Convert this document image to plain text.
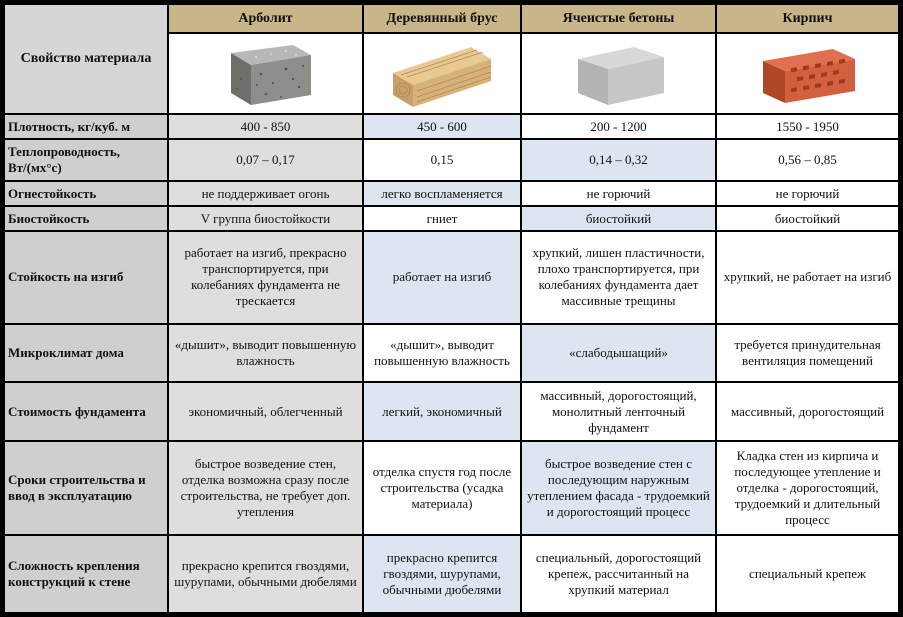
Свойство материала	Арболит	Деревянный брус	Ячеистые бетоны	Кирпич

Плотность, кг/куб. м	400 - 850	450 - 600	200 - 1200	1550 - 1950
Теплопроводность, Вт/(мх°с)	0,07 – 0,17	0,15	0,14 – 0,32	0,56 – 0,85
Огнестойкость	не поддерживает огонь	легко воспламеняется	не горючий	не горючий
Биостойкость	V группа биостойкости	гниет	биостойкий	биостойкий
Стойкость на изгиб	работает на изгиб, прекрасно транспортируется, при колебаниях фундамента не трескается	работает на изгиб	хрупкий, лишен пластичности, плохо транспортируется, при колебаниях фундамента дает массивные трещины	хрупкий, не работает на изгиб
Микроклимат дома	«дышит», выводит повышенную влажность	«дышит», выводит повышенную влажность	«слабодышащий»	требуется принудительная вентиляция помещений
Стоимость фундамента	экономичный, облегченный	легкий, экономичный	массивный, дорогостоящий, монолитный ленточный фундамент	массивный, дорогостоящий
Сроки строительства и ввод в эксплуатацию	быстрое возведение стен, отделка возможна сразу после строительства, не требует доп. утепления	отделка спустя год после строительства (усадка материала)	быстрое возведение стен с последующим наружным утеплением фасада - трудоемкий и дорогостоящий процесс	Кладка стен из кирпича и последующее утепление и отделка - дорогостоящий, трудоемкий и длительный процесс
Сложность крепления конструкций к стене	прекрасно крепится гвоздями, шурупами, обычными дюбелями	прекрасно крепится гвоздями, шурупами, обычными дюбелями	специальный, дорогостоящий крепеж, рассчитанный на хрупкий материал	специальный крепеж
